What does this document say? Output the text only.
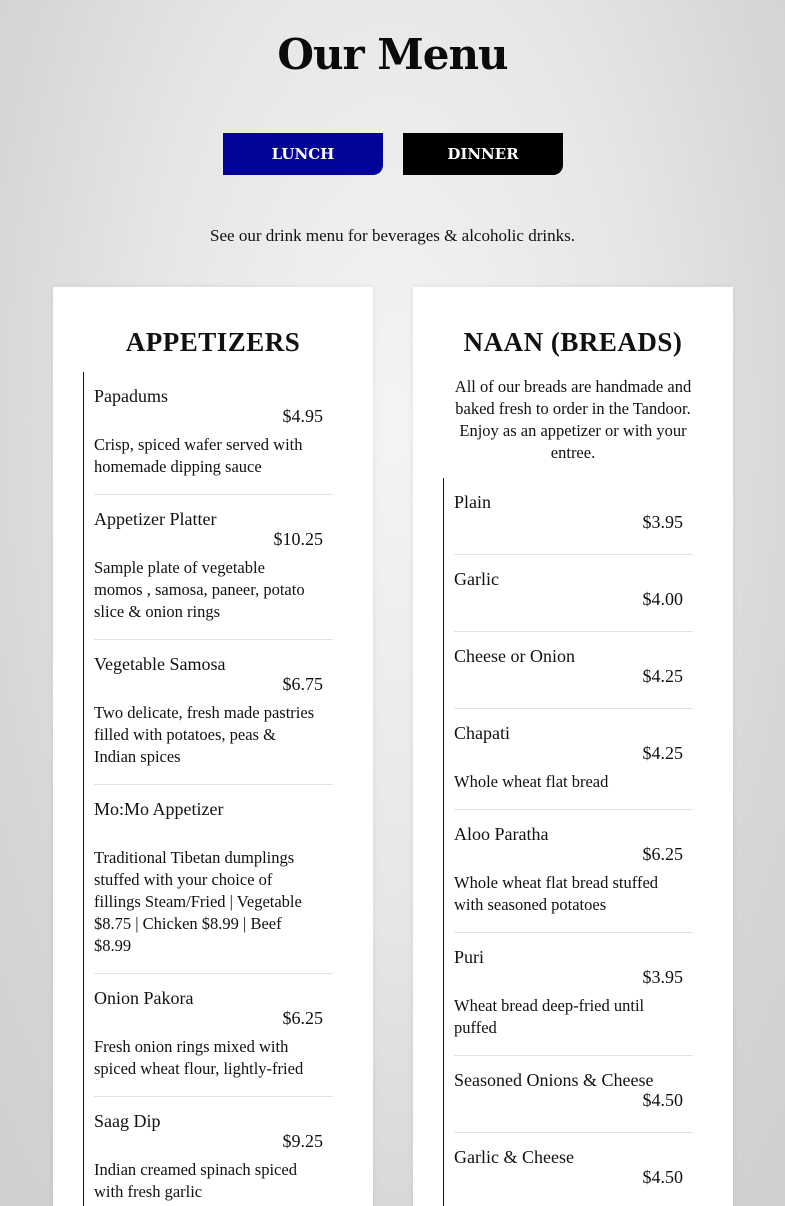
Our Menu
LUNCH	DINNER

See our drink menu for beverages & alcoholic drinks.

APPETIZERS
Papadums
$4.95
Crisp, spiced wafer served with homemade dipping sauce
Appetizer Platter
$10.25
Sample plate of vegetable momos , samosa, paneer, potato slice & onion rings
Vegetable Samosa
$6.75
Two delicate, fresh made pastries filled with potatoes, peas & Indian spices
Mo:Mo Appetizer
Traditional Tibetan dumplings stuffed with your choice of fillings Steam/Fried | Vegetable $8.75 | Chicken $8.99 | Beef $8.99
Onion Pakora
$6.25
Fresh onion rings mixed with spiced wheat flour, lightly-fried
Saag Dip
$9.25
Indian creamed spinach spiced with fresh garlic
NAAN (BREADS)

All of our breads are handmade and baked fresh to order in the Tandoor. Enjoy as an appetizer or with your entree.

Plain
$3.95
Garlic
$4.00
Cheese or Onion
$4.25
Chapati
$4.25
Whole wheat flat bread
Aloo Paratha
$6.25
Whole wheat flat bread stuffed with seasoned potatoes
Puri
$3.95
Wheat bread deep-fried until puffed
Seasoned Onions & Cheese
$4.50
Garlic & Cheese
$4.50
